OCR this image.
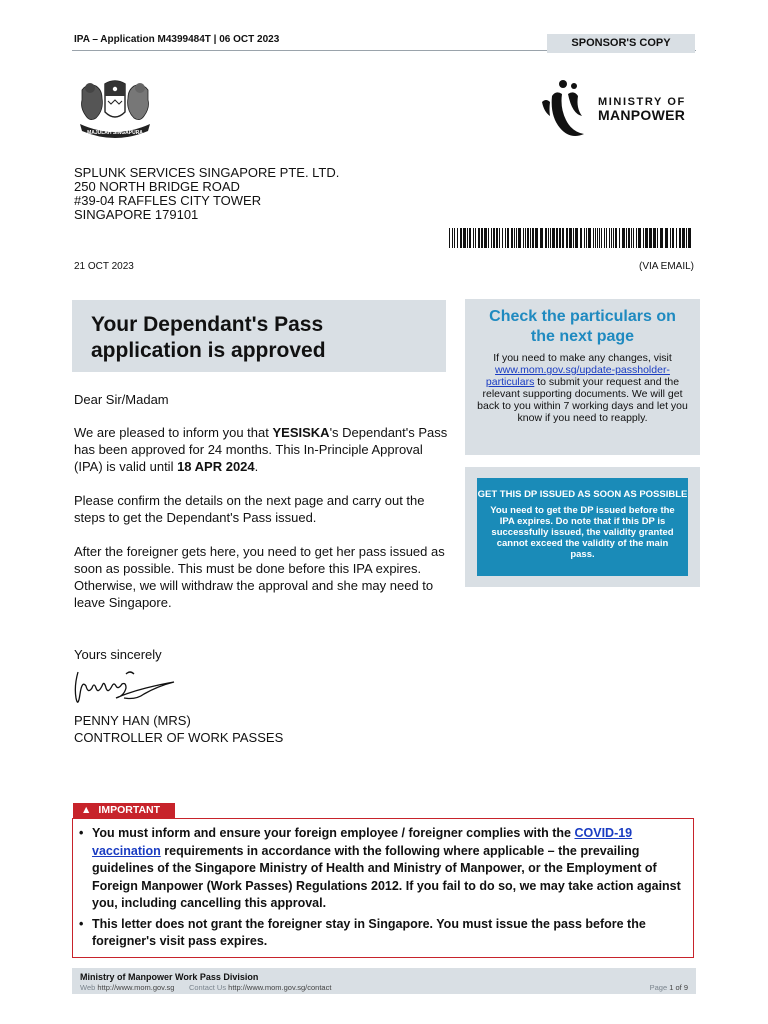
IPA – Application M4399484T | 06 OCT 2023	SPONSOR'S COPY
MAJULAH SINGAPURA
MINISTRY OF
MANPOWER
SPLUNK SERVICES SINGAPORE PTE. LTD.
250 NORTH BRIDGE ROAD
#39-04 RAFFLES CITY TOWER
SINGAPORE 179101
21 OCT 2023	(VIA EMAIL)
Your Dependant's Pass
application is approved
Check the particulars on
the next page
If you need to make any changes, visit www.mom.gov.sg/update-passholder-particulars to submit your request and the relevant supporting documents. We will get back to you within 7 working days and let you know if you need to reapply.
GET THIS DP ISSUED AS SOON AS POSSIBLE
You need to get the DP issued before the IPA expires. Do note that if this DP is successfully issued, the validity granted cannot exceed the validity of the main pass.
Dear Sir/Madam
We are pleased to inform you that YESISKA's Dependant's Pass has been approved for 24 months. This In-Principle Approval (IPA) is valid until 18 APR 2024.
Please confirm the details on the next page and carry out the steps to get the Dependant's Pass issued.
After the foreigner gets here, you need to get her pass issued as soon as possible. This must be done before this IPA expires. Otherwise, we will withdraw the approval and she may need to leave Singapore.
Yours sincerely
PENNY HAN (MRS)
CONTROLLER OF WORK PASSES
▲ IMPORTANT
• You must inform and ensure your foreign employee / foreigner complies with the COVID-19 vaccination requirements in accordance with the following where applicable – the prevailing guidelines of the Singapore Ministry of Health and Ministry of Manpower, or the Employment of Foreign Manpower (Work Passes) Regulations 2012. If you fail to do so, we may take action against you, including cancelling this approval.
• This letter does not grant the foreigner stay in Singapore. You must issue the pass before the foreigner's visit pass expires.
Ministry of Manpower Work Pass Division
Web http://www.mom.gov.sg Contact Us http://www.mom.gov.sg/contact	Page 1 of 9
